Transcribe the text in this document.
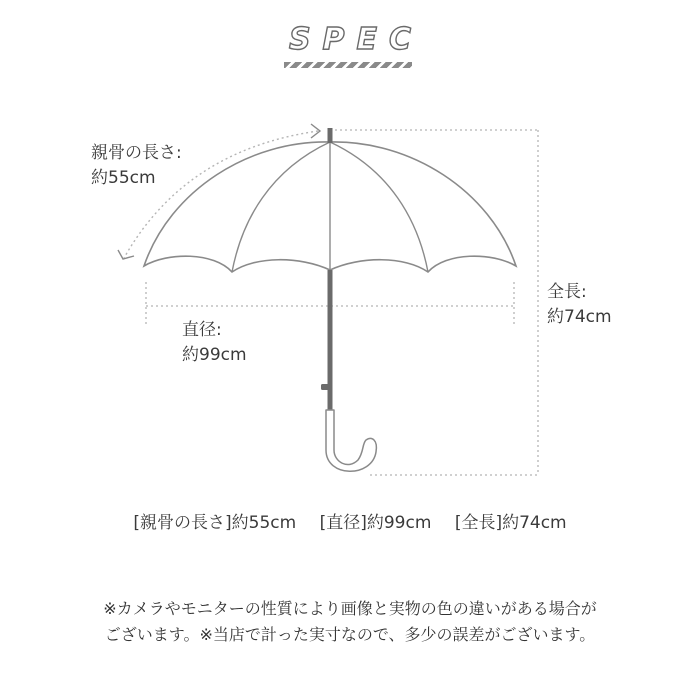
SPEC
親骨の長さ:
約55cm
直径:
約99cm
全長:
約74cm
[親骨の長さ]約55cm [直径]約99cm [全長]約74cm
※カメラやモニターの性質により画像と実物の色の違いがある場合が
ございます。※当店で計った実寸なので、多少の誤差がございます。
